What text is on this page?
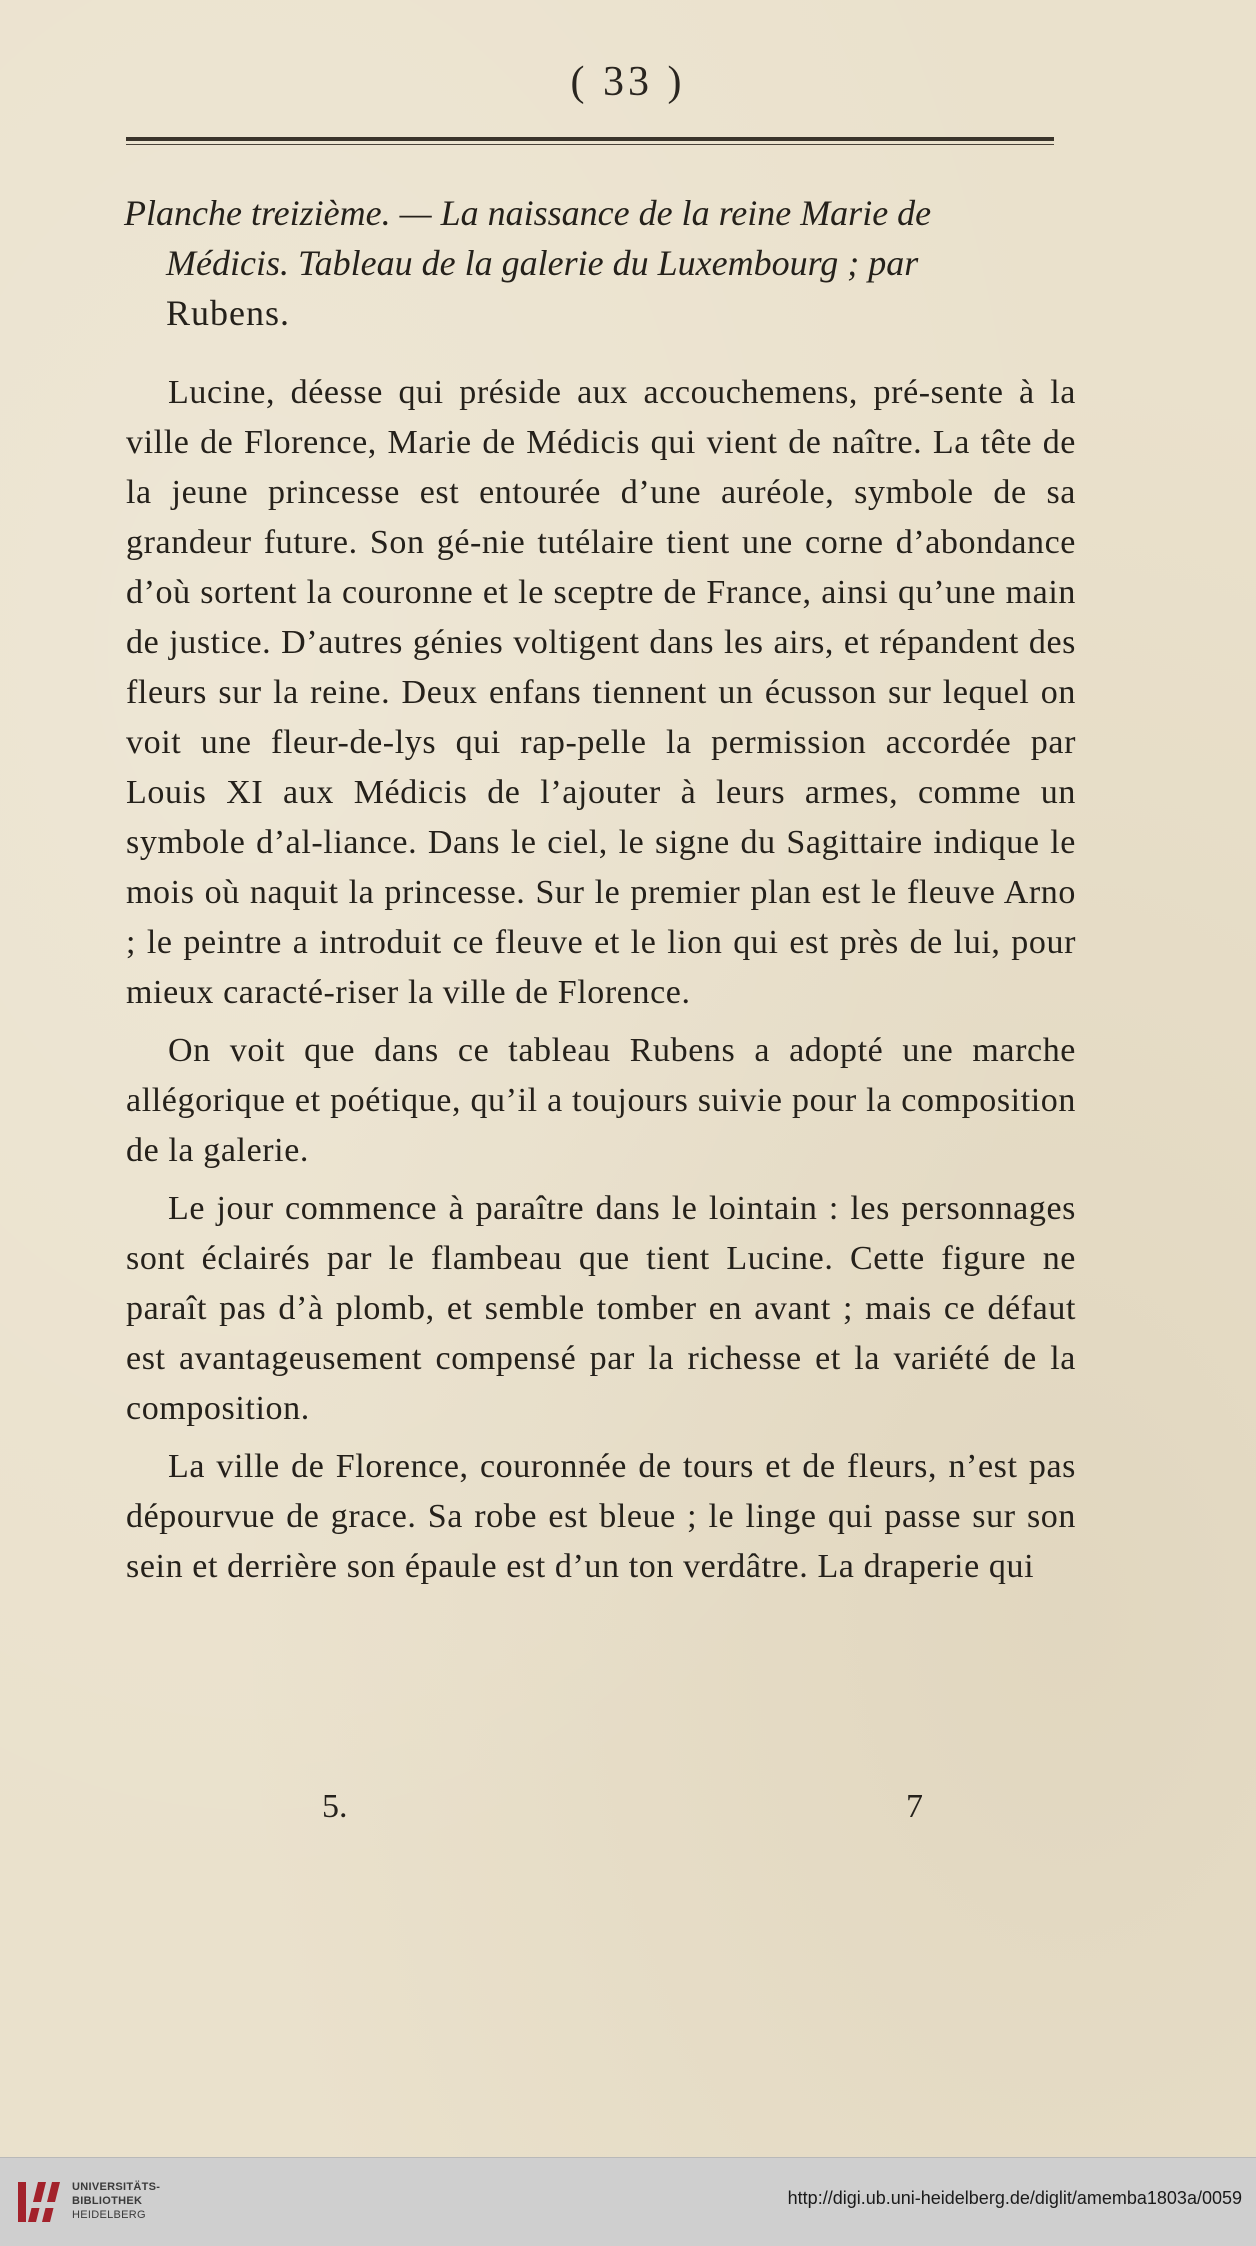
( 33 )
Planche treizième. — La naissance de la reine Marie de
Médicis. Tableau de la galerie du Luxembourg ; par
Rubens.

Lucine, déesse qui préside aux accouchemens, pré-sente à la ville de Florence, Marie de Médicis qui vient de naître. La tête de la jeune princesse est entourée d’une auréole, symbole de sa grandeur future. Son gé-nie tutélaire tient une corne d’abondance d’où sortent la couronne et le sceptre de France, ainsi qu’une main de justice. D’autres génies voltigent dans les airs, et répandent des fleurs sur la reine. Deux enfans tiennent un écusson sur lequel on voit une fleur-de-lys qui rap-pelle la permission accordée par Louis XI aux Médicis de l’ajouter à leurs armes, comme un symbole d’al-liance. Dans le ciel, le signe du Sagittaire indique le mois où naquit la princesse. Sur le premier plan est le fleuve Arno ; le peintre a introduit ce fleuve et le lion qui est près de lui, pour mieux caracté-riser la ville de Florence.

On voit que dans ce tableau Rubens a adopté une marche allégorique et poétique, qu’il a toujours suivie pour la composition de la galerie.

Le jour commence à paraître dans le lointain : les personnages sont éclairés par le flambeau que tient Lucine. Cette figure ne paraît pas d’à plomb, et semble tomber en avant ; mais ce défaut est avantageusement compensé par la richesse et la variété de la composition.

La ville de Florence, couronnée de tours et de fleurs, n’est pas dépourvue de grace. Sa robe est bleue ; le linge qui passe sur son sein et derrière son épaule est d’un ton verdâtre. La draperie qui

5.	7
UNIVERSITÄTS-
BIBLIOTHEK
HEIDELBERG
http://digi.ub.uni-heidelberg.de/diglit/amemba1803a/0059
